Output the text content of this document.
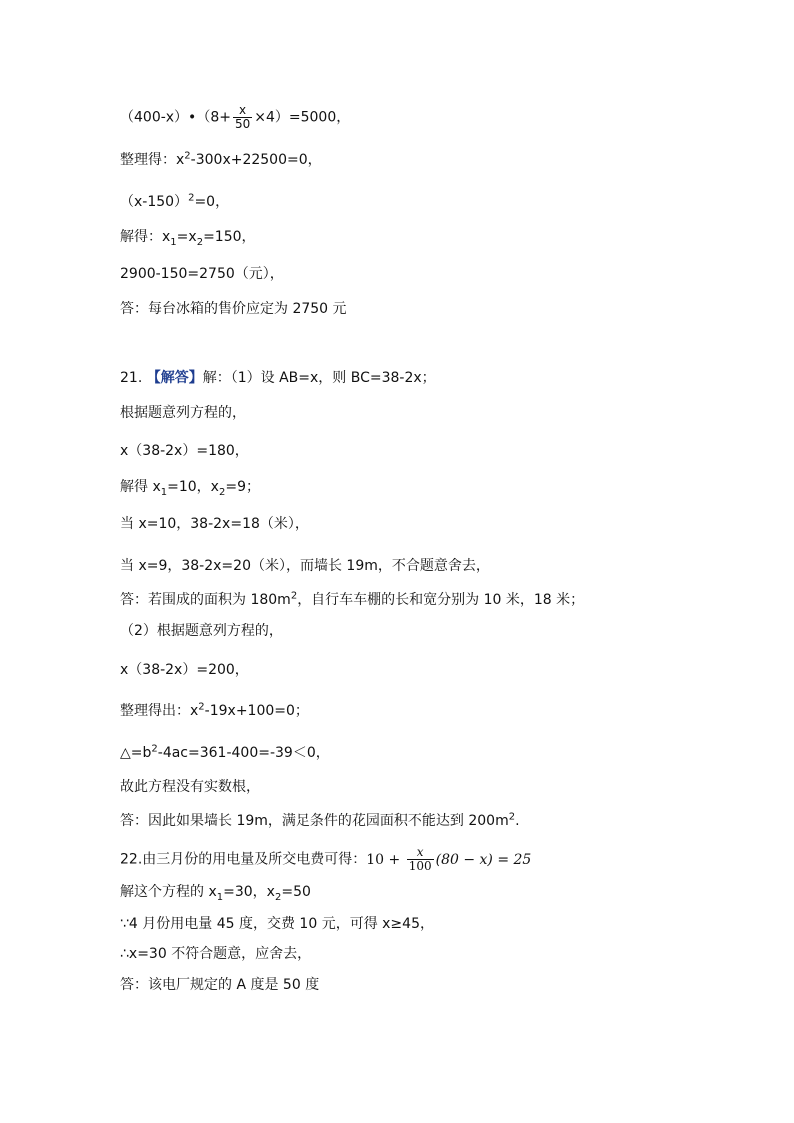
（400-x）•（8+ $\frac{x}{50} \times 4)=5000$，
整理得：$x^2-300x+22500=0$，
$(x-150)^2=0$，
解得：$x_1=x_2=150$，
2900-150=2750（元），
答：每台冰箱的售价应定为 2750 元
21. 【解答】解：（1）设 AB=x，则 BC=38-2x；
根据题意列方程的，
x（38-2x）=180，
解得 $x_1=10$，$x_2=9$；
当 x=10，38-2x=18（米），
当 x=9，38-2x=20（米），而墙长 19m，不合题意舍去，
答：若围成的面积为 $180m^2$，自行车车棚的长和宽分别为 10 米，18 米；
（2）根据题意列方程的，
x（38-2x）=200，
整理得出：$x^2-19x+100=0$；
$\triangle=b^2-4ac=361-400=-39<0$，
故此方程没有实数根，
答：因此如果墙长 19m，满足条件的花园面积不能达到 $200m^2$.
22.由三月份的用电量及所交电费可得：$10 + \frac{x}{100} (80 - x) = 25$
解这个方程的 $x_1=30$，$x_2=50$
∵4 月份用电量 45 度，交费 10 元，可得 x≥45，
∴x=30 不符合题意，应舍去，
答：该电厂规定的 A 度是 50 度
